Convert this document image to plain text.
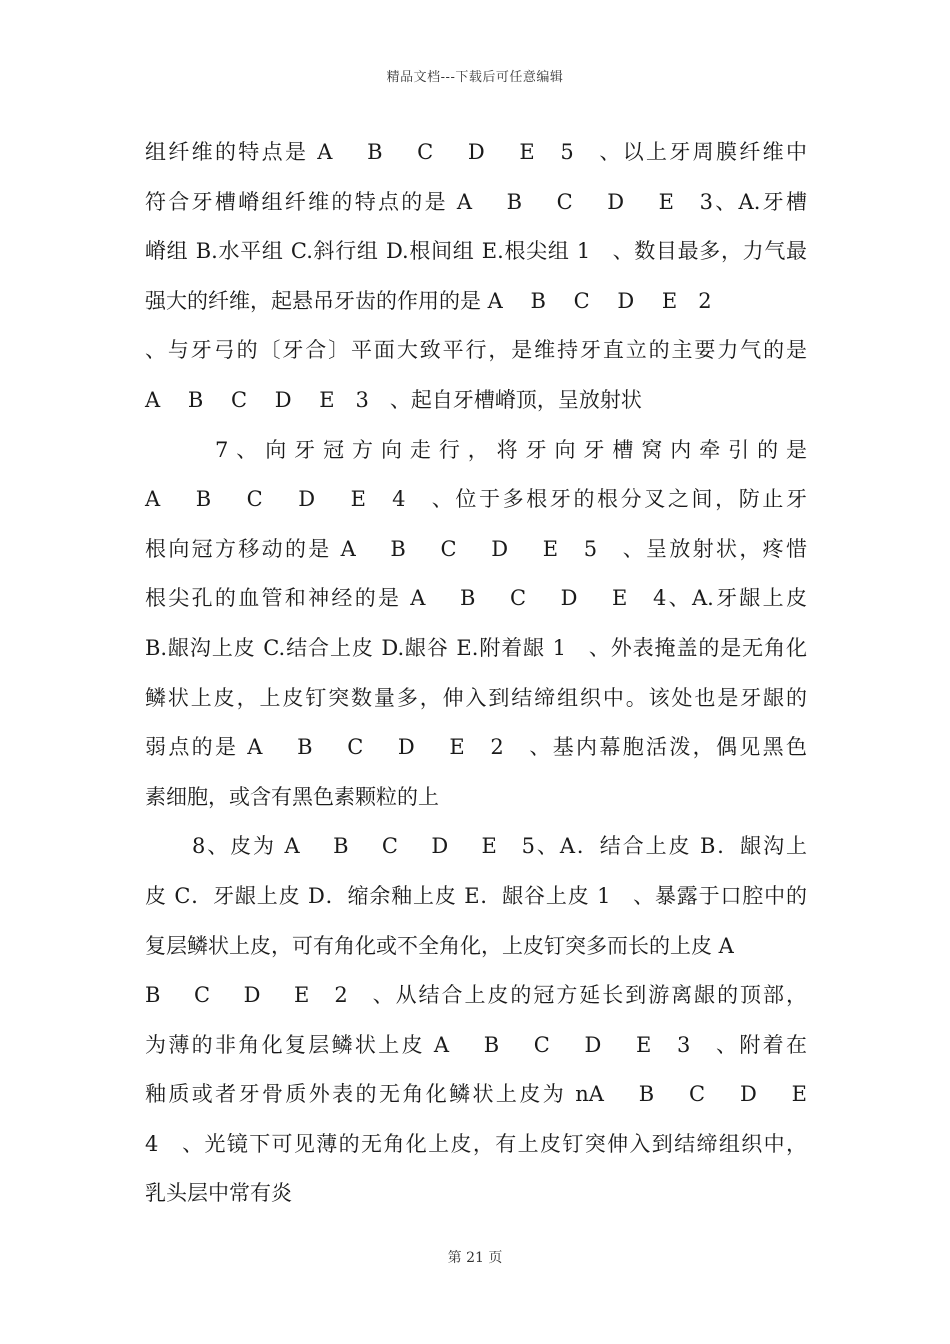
精品文档---下载后可任意编辑
组纤维的特点是 A　 B　 C　 D　 E　5　、以上牙周膜纤维中
符合牙槽嵴组纤维的特点的是 A　 B　 C　 D　 E　3、A.牙槽
嵴组 B.水平组 C.斜行组 D.根间组 E.根尖组 1　、数目最多，力气最
强大的纤维，起悬吊牙齿的作用的是 A　 B　 C　 D　 E　2
、与牙弓的〔牙合〕平面大致平行，是维持牙直立的主要力气的是
A　 B　 C　 D　 E　3　、起自牙槽嵴顶，呈放射状
7、向牙冠方向走行，将牙向牙槽窝内牵引的是
A　 B　 C　 D　 E　4　、位于多根牙的根分叉之间，防止牙
根向冠方移动的是 A　 B　 C　 D　 E　5　、呈放射状，疼惜
根尖孔的血管和神经的是 A　 B　 C　 D　 E　4、A.牙龈上皮
B.龈沟上皮 C.结合上皮 D.龈谷 E.附着龈 1　、外表掩盖的是无角化
鳞状上皮，上皮钉突数量多，伸入到结缔组织中。该处也是牙龈的
弱点的是 A　 B　 C　 D　 E　2　、基内幕胞活泼，偶见黑色
素细胞，或含有黑色素颗粒的上
8、皮为 A　 B　 C　 D　 E　5、A．结合上皮 B．龈沟上
皮 C．牙龈上皮 D．缩余釉上皮 E．龈谷上皮 1　、暴露于口腔中的
复层鳞状上皮，可有角化或不全角化，上皮钉突多而长的上皮 A
B　 C　 D　 E　2　、从结合上皮的冠方延长到游离龈的顶部，
为薄的非角化复层鳞状上皮 A　 B　 C　 D　 E　3　、附着在
釉质或者牙骨质外表的无角化鳞状上皮为 nA　 B　 C　 D　 E
4　、光镜下可见薄的无角化上皮，有上皮钉突伸入到结缔组织中，
乳头层中常有炎
第 21 页
